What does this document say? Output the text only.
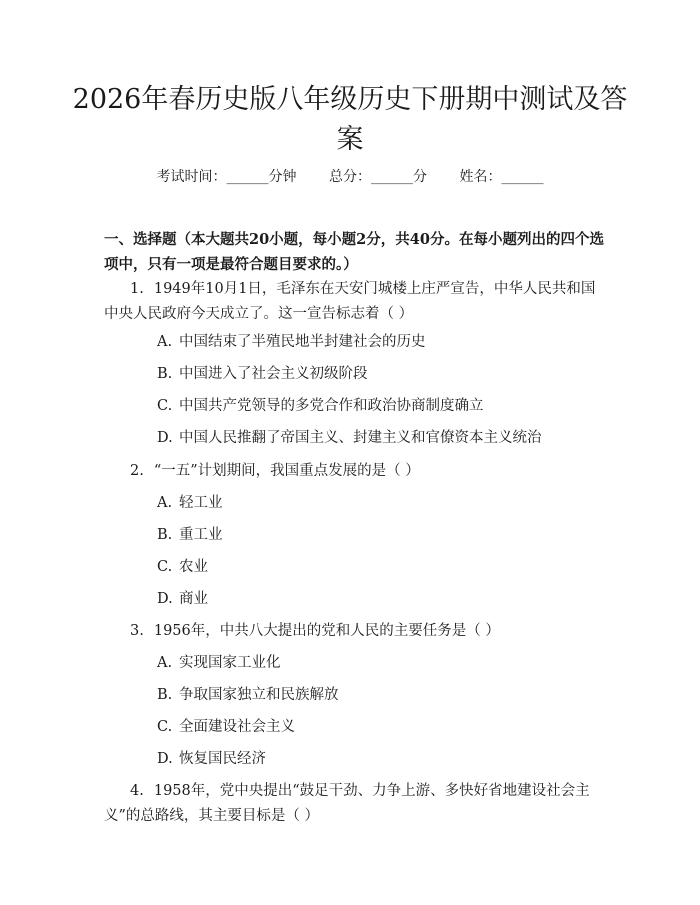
2026年春历史版八年级历史下册期中测试及答案
考试时间：______分钟 总分：______分 姓名：______
一、选择题（本大题共20小题，每小题2分，共40分。在每小题列出的四个选项中，只有一项是最符合题目要求的。）
1. 1949年10月1日，毛泽东在天安门城楼上庄严宣告，中华人民共和国中央人民政府今天成立了。这一宣告标志着（ ）
A. 中国结束了半殖民地半封建社会的历史
B. 中国进入了社会主义初级阶段
C. 中国共产党领导的多党合作和政治协商制度确立
D. 中国人民推翻了帝国主义、封建主义和官僚资本主义统治
2. “一五”计划期间，我国重点发展的是（ ）
A. 轻工业
B. 重工业
C. 农业
D. 商业
3. 1956年，中共八大提出的党和人民的主要任务是（ ）
A. 实现国家工业化
B. 争取国家独立和民族解放
C. 全面建设社会主义
D. 恢复国民经济
4. 1958年，党中央提出“鼓足干劲、力争上游、多快好省地建设社会主义”的总路线，其主要目标是（ ）
